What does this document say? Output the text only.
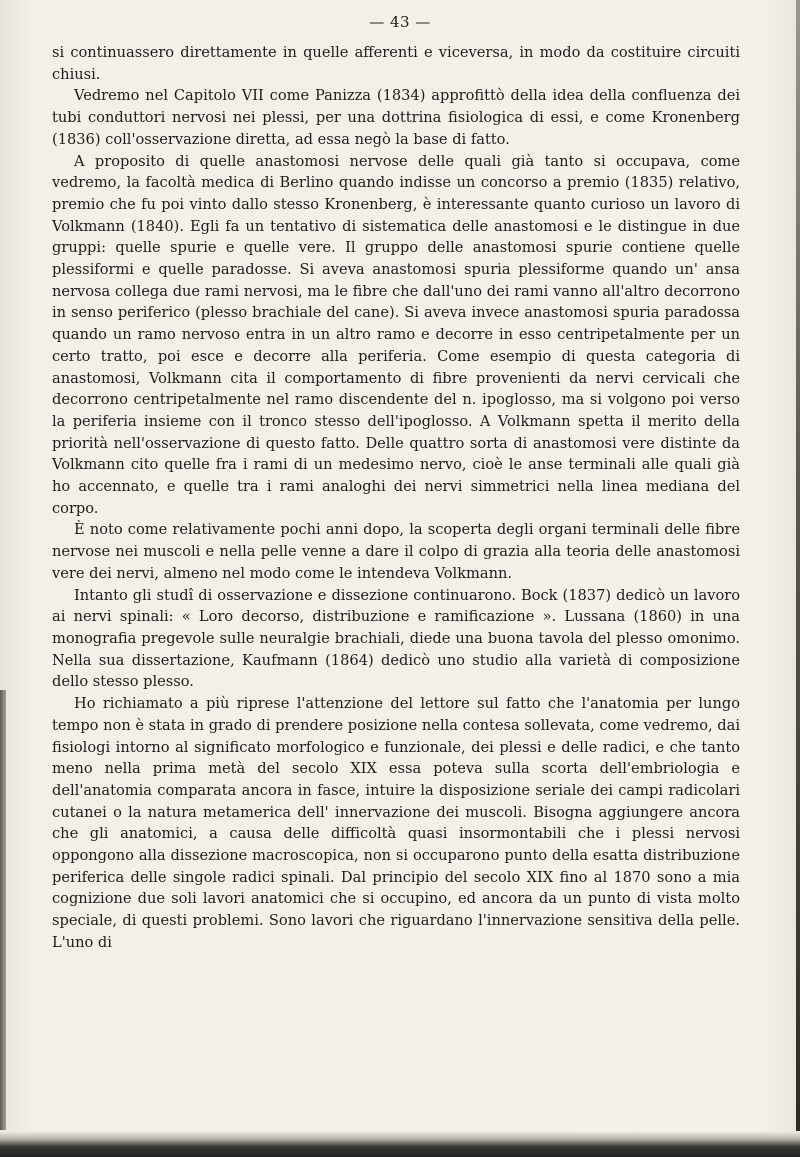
— 43 —

si continuassero direttamente in quelle afferenti e viceversa, in modo da costituire circuiti chiusi.

Vedremo nel Capitolo VII come Panizza (1834) approfittò della idea della confluenza dei tubi conduttori nervosi nei plessi, per una dottrina fisiologica di essi, e come Kronenberg (1836) coll'osservazione diretta, ad essa negò la base di fatto.

A proposito di quelle anastomosi nervose delle quali già tanto si occupava, come vedremo, la facoltà medica di Berlino quando indisse un concorso a premio (1835) relativo, premio che fu poi vinto dallo stesso Kronenberg, è interessante quanto curioso un lavoro di Volkmann (1840). Egli fa un tentativo di sistematica delle anastomosi e le distingue in due gruppi: quelle spurie e quelle vere. Il gruppo delle anastomosi spurie contiene quelle plessiformi e quelle paradosse. Si aveva anastomosi spuria plessiforme quando un' ansa nervosa collega due rami nervosi, ma le fibre che dall'uno dei rami vanno all'altro decorrono in senso periferico (plesso brachiale del cane). Si aveva invece anastomosi spuria paradossa quando un ramo nervoso entra in un altro ramo e decorre in esso centripetalmente per un certo tratto, poi esce e decorre alla periferia. Come esempio di questa categoria di anastomosi, Volkmann cita il comportamento di fibre provenienti da nervi cervicali che decorrono centripetalmente nel ramo discendente del n. ipoglosso, ma si volgono poi verso la periferia insieme con il tronco stesso dell'ipoglosso. A Volkmann spetta il merito della priorità nell'osservazione di questo fatto. Delle quattro sorta di anastomosi vere distinte da Volkmann cito quelle fra i rami di un medesimo nervo, cioè le anse terminali alle quali già ho accennato, e quelle tra i rami analoghi dei nervi simmetrici nella linea mediana del corpo.

È noto come relativamente pochi anni dopo, la scoperta degli organi terminali delle fibre nervose nei muscoli e nella pelle venne a dare il colpo di grazia alla teoria delle anastomosi vere dei nervi, almeno nel modo come le intendeva Volkmann.

Intanto gli studî di osservazione e dissezione continuarono. Bock (1837) dedicò un lavoro ai nervi spinali: « Loro decorso, distribuzione e ramificazione ». Lussana (1860) in una monografia pregevole sulle neuralgie brachiali, diede una buona tavola del plesso omonimo. Nella sua dissertazione, Kaufmann (1864) dedicò uno studio alla varietà di composizione dello stesso plesso.

Ho richiamato a più riprese l'attenzione del lettore sul fatto che l'anatomia per lungo tempo non è stata in grado di prendere posizione nella contesa sollevata, come vedremo, dai fisiologi intorno al significato morfologico e funzionale, dei plessi e delle radici, e che tanto meno nella prima metà del secolo XIX essa poteva sulla scorta dell'embriologia e dell'anatomia comparata ancora in fasce, intuire la disposizione seriale dei campi radicolari cutanei o la natura metamerica dell' innervazione dei muscoli. Bisogna aggiungere ancora che gli anatomici, a causa delle difficoltà quasi insormontabili che i plessi nervosi oppongono alla dissezione macroscopica, non si occuparono punto della esatta distribuzione periferica delle singole radici spinali. Dal principio del secolo XIX fino al 1870 sono a mia cognizione due soli lavori anatomici che si occupino, ed ancora da un punto di vista molto speciale, di questi problemi. Sono lavori che riguardano l'innervazione sensitiva della pelle. L'uno di
